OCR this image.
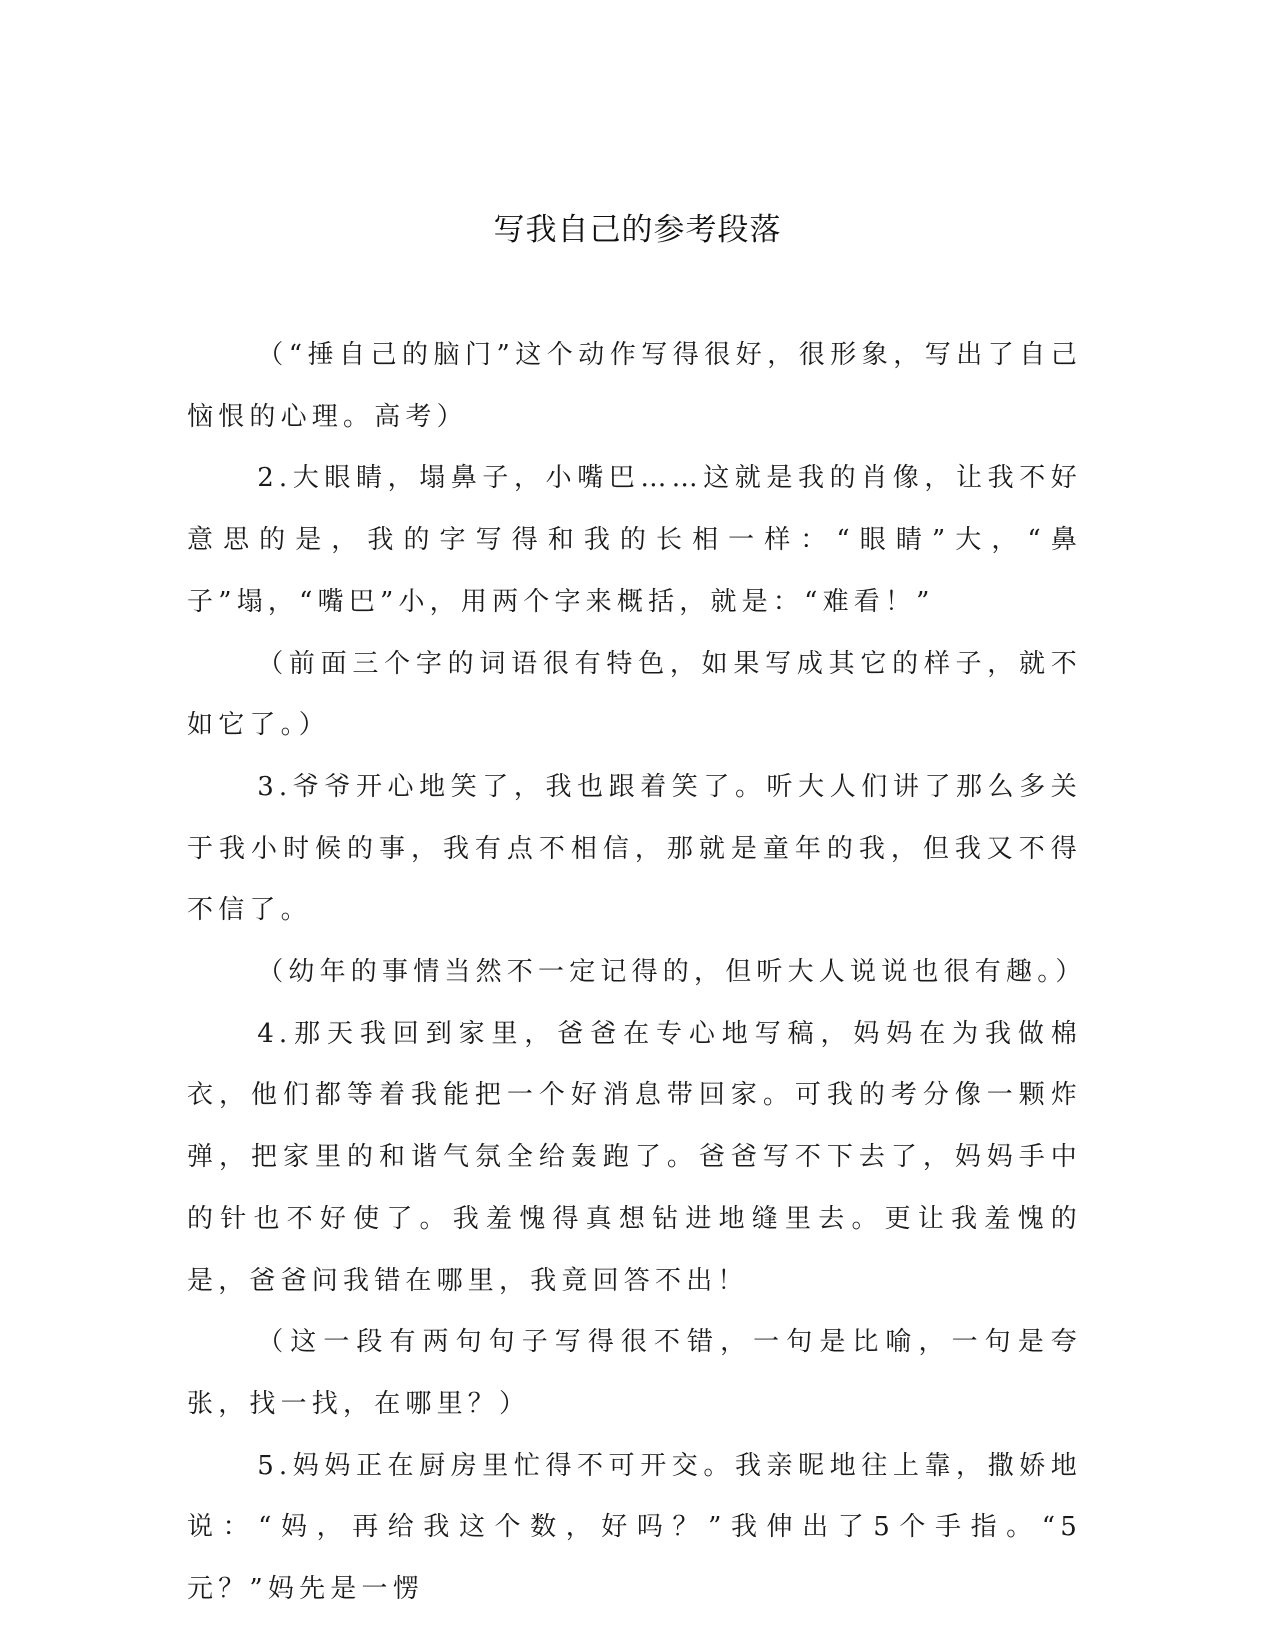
写我自己的参考段落

（“捶自己的脑门”这个动作写得很好，很形象，写出了自己恼恨的心理。高考）

2.大眼睛，塌鼻子，小嘴巴……这就是我的肖像，让我不好意思的是，我的字写得和我的长相一样：“眼睛”大，“鼻子”塌，“嘴巴”小，用两个字来概括，就是：“难看！”

（前面三个字的词语很有特色，如果写成其它的样子，就不如它了。）

3.爷爷开心地笑了，我也跟着笑了。听大人们讲了那么多关于我小时候的事，我有点不相信，那就是童年的我，但我又不得不信了。

（幼年的事情当然不一定记得的，但听大人说说也很有趣。）

4.那天我回到家里，爸爸在专心地写稿，妈妈在为我做棉衣，他们都等着我能把一个好消息带回家。可我的考分像一颗炸弹，把家里的和谐气氛全给轰跑了。爸爸写不下去了，妈妈手中的针也不好使了。我羞愧得真想钻进地缝里去。更让我羞愧的是，爸爸问我错在哪里，我竟回答不出！

（这一段有两句句子写得很不错，一句是比喻，一句是夸张，找一找，在哪里？）

5.妈妈正在厨房里忙得不可开交。我亲昵地往上靠，撒娇地说：“妈，再给我这个数，好吗？”我伸出了5个手指。“5元？”妈先是一愣
